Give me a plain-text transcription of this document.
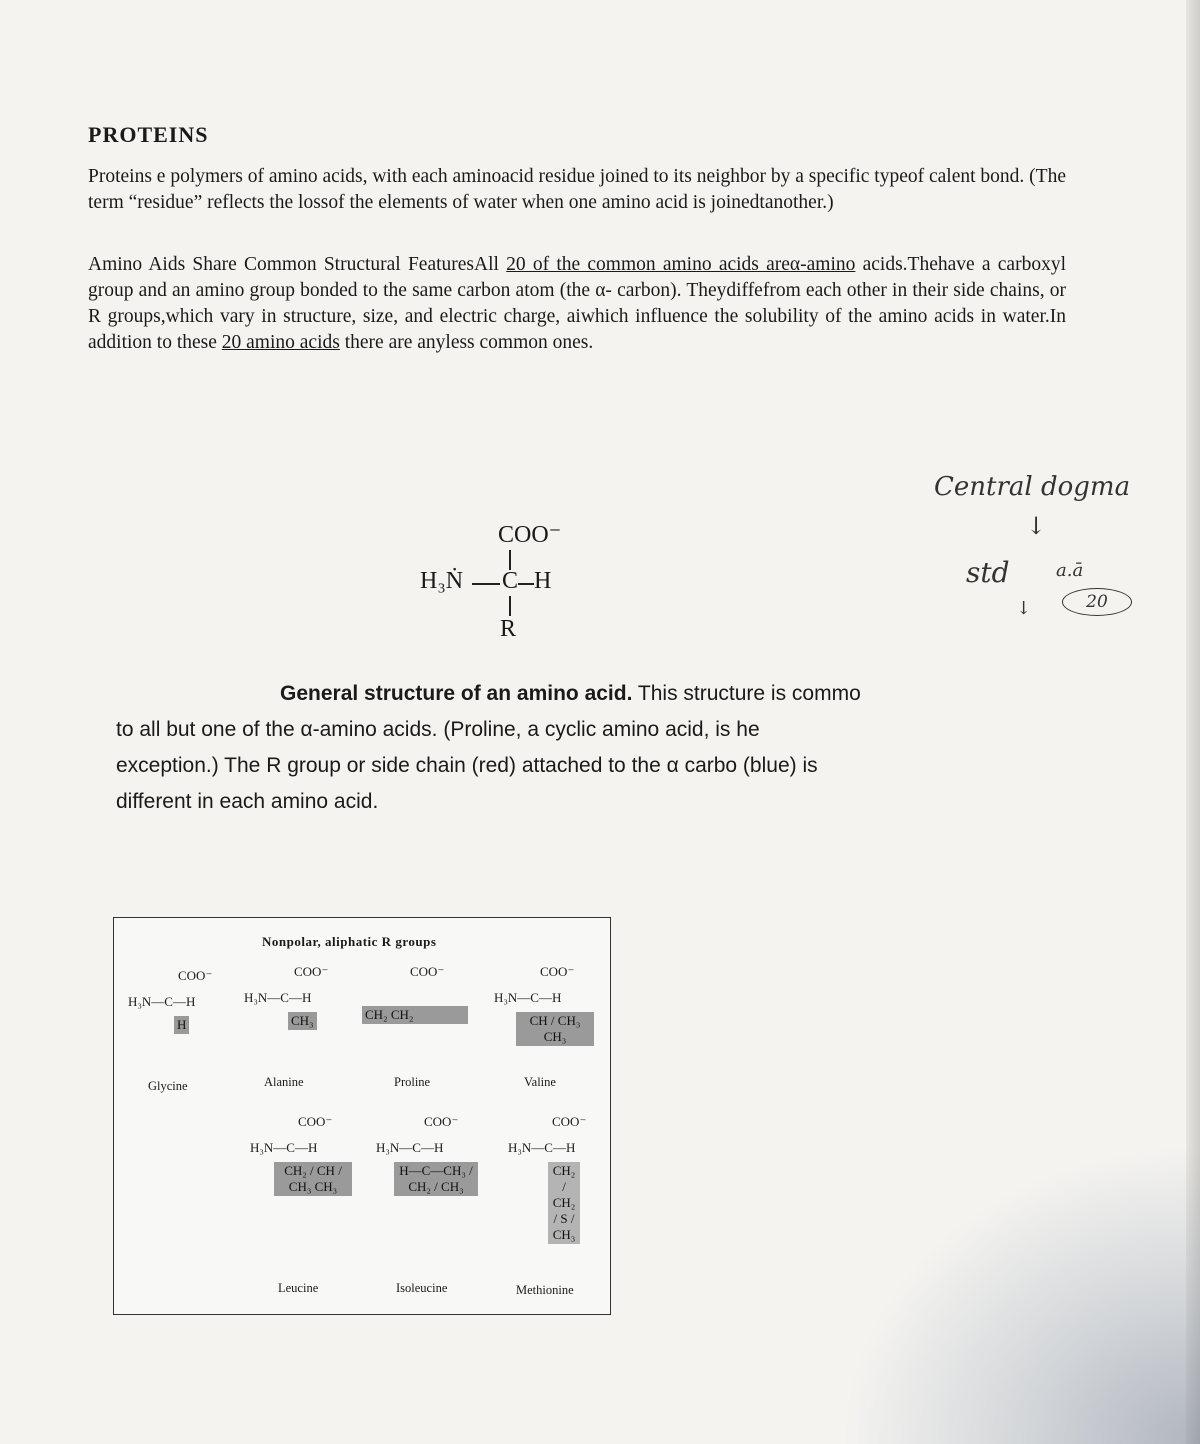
PROTEINS
Proteins e polymers of amino acids, with each aminoacid residue joined to its neighbor by a specific typeof calent bond. (The term “residue” reflects the lossof the elements of water when one amino acid is joinedtanother.)
Amino Aids Share Common Structural FeaturesAll 20 of the common amino acids areα-amino acids.Thehave a carboxyl group and an amino group bonded to the same carbon atom (the α- carbon). Theydiffefrom each other in their side chains, or R groups,which vary in structure, size, and electric charge, aiwhich influence the solubility of the amino acids in water.In addition to these 20 amino acids there are anyless common ones.
COO⁻
H₃Ṅ C H
R
General structure of an amino acid. This structure is commo to all but one of the α-amino acids. (Proline, a cyclic amino acid, is he exception.) The R group or side chain (red) attached to the α carbo (blue) is different in each amino acid.
Central dogma
↓
std	a.ā
↓	20
Nonpolar, aliphatic R groups
COO⁻
H₃N—C—H
H
Glycine
COO⁻
H₃N—C—H
CH₃
Alanine
COO⁻
CH₂ CH₂
Proline
COO⁻
H₃N—C—H
CH / CH₃ CH₃
Valine
COO⁻
H₃N—C—H
CH₂ / CH / CH₃ CH₃
Leucine
COO⁻
H₃N—C—H
H—C—CH₃ / CH₂ / CH₃
Isoleucine
COO⁻
H₃N—C—H
CH₂ / CH₂ / S / CH₃
Methionine
